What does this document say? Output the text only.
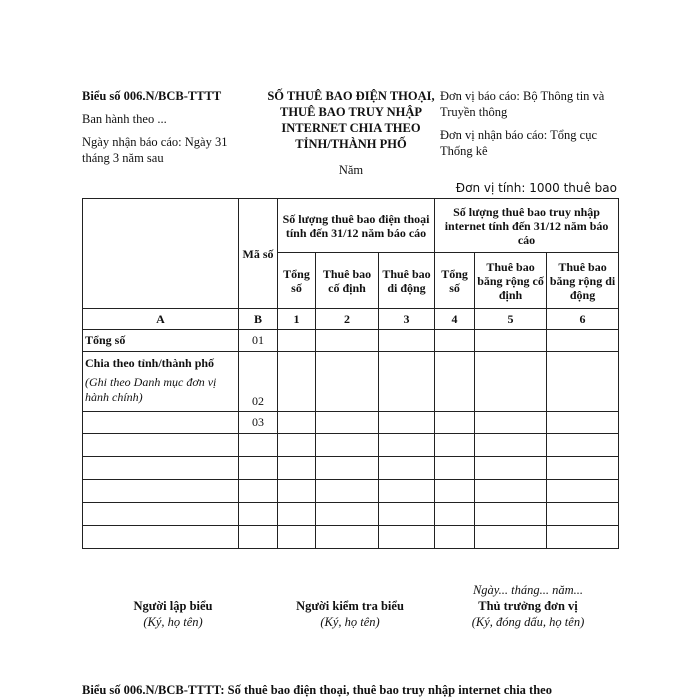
Biểu số 006.N/BCB-TTTT
Ban hành theo ...
Ngày nhận báo cáo: Ngày 31 tháng 3 năm sau
SỐ THUÊ BAO ĐIỆN THOẠI, THUÊ BAO TRUY NHẬP INTERNET CHIA THEO TỈNH/THÀNH PHỐ
Năm
Đơn vị báo cáo: Bộ Thông tin và Truyền thông
Đơn vị nhận báo cáo: Tổng cục Thống kê
Đơn vị tính: 1000 thuê bao
	Mã số	Số lượng thuê bao điện thoại tính đến 31/12 năm báo cáo			Số lượng thuê bao truy nhập internet tính đến 31/12 năm báo cáo		
		Tổng số	Thuê bao cố định	Thuê bao di động	Tổng số	Thuê bao băng rộng cố định	Thuê bao băng rộng di động
A	B	1	2	3	4	5	6
Tổng số	01						

Chia theo tỉnh/thành phố
(Ghi theo Danh mục đơn vị hành chính)	02						
	03						

Ngày... tháng... năm...
Người lập biểu
(Ký, họ tên)
Người kiểm tra biểu
(Ký, họ tên)
Thủ trưởng đơn vị
(Ký, đóng dấu, họ tên)
Biểu số 006.N/BCB-TTTT: Số thuê bao điện thoại, thuê bao truy nhập internet chia theo
